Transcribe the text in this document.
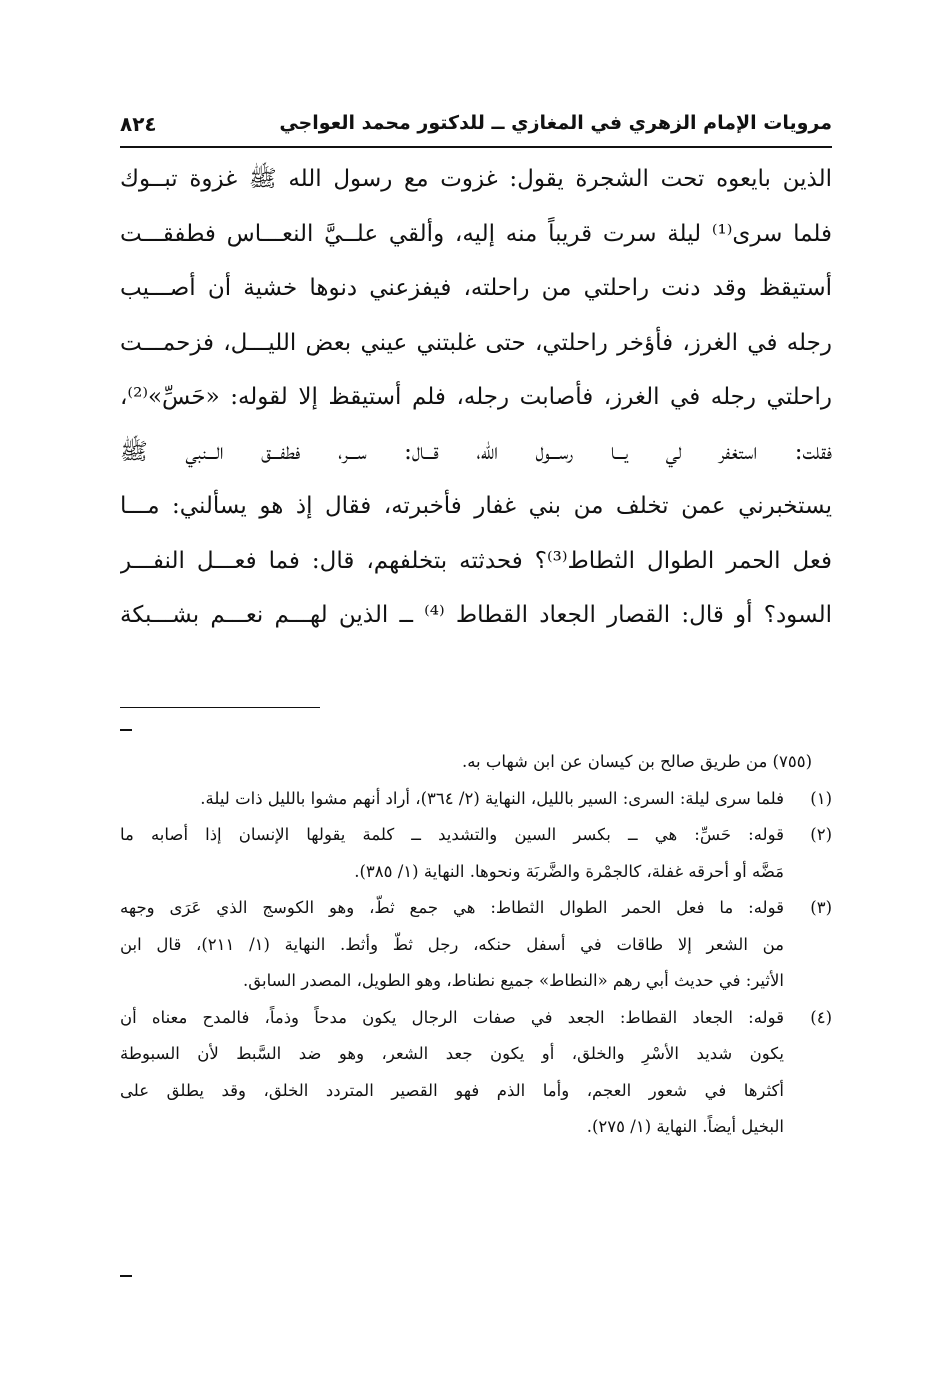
مرويات الإمام الزهري في المغازي ــ للدكتور محمد العواجي
٨٢٤
الذين بايعوه تحت الشجرة يقول: غزوت مع رسول الله ﷺ غزوة تبــوك
فلما سرى⁽¹⁾ ليلة سرت قريباً منه إليه، وألقي علــيَّ النعـــاس فطفقـــت
أستيقظ وقد دنت راحلتي من راحلته، فيفزعني دنوها خشية أن أصـــيب
رجله في الغرز، فأؤخر راحلتي، حتى غلبتني عيني بعض الليـــل، فزحمـــت
راحلتي رجله في الغرز، فأصابت رجله، فلم أستيقظ إلا لقوله: «حَسِّ»⁽²⁾،
فقلت: استغفر لي يـــا رســـول الله، قـــال: ســـر، فطفـــق الـــنبي ﷺ
يستخبرني عمن تخلف من بني غفار فأخبرته، فقال إذ هو يسألني: مـــا
فعل الحمر الطوال الثطاط⁽³⁾؟ فحدثته بتخلفهم، قال: فما فعـــل النفـــر
السود؟ أو قال: القصار الجعاد القطاط ⁽⁴⁾ ــ الذين لهـــم نعـــم بشـــبكة
(٧٥٥) من طريق صالح بن كيسان عن ابن شهاب به.
(١)
فلما سرى ليلة: السرى: السير بالليل، النهاية (٢/ ٣٦٤)، أراد أنهم مشوا بالليل ذات ليلة.
(٢)
قوله: حَسِّ: هي ــ بكسر السين والتشديد ــ كلمة يقولها الإنسان إذا أصابه ما
مَضَّه أو أحرقه غفلة، كالجمْرة والضَّربَة ونحوها. النهاية (١/ ٣٨٥).
(٣)
قوله: ما فعل الحمر الطوال الثطاط: هي جمع ثطّ، وهو الكوسج الذي عَرَى وجهه
من الشعر إلا طاقات في أسفل حنكه، رجل ثطّ وأثط. النهاية (١/ ٢١١)، قال ابن
الأثير: في حديث أبي رهم «النطاط» جميع نطناط، وهو الطويل، المصدر السابق.
(٤)
قوله: الجعاد القطاط: الجعد في صفات الرجال يكون مدحاً وذماً، فالمدح معناه أن
يكون شديد الأسْرِ والخلق، أو يكون جعد الشعر، وهو ضد السَّبط لأن السبوطة
أكثرها في شعور العجم، وأما الذم فهو القصير المتردد الخلق، وقد يطلق على
البخيل أيضاً. النهاية (١/ ٢٧٥).
